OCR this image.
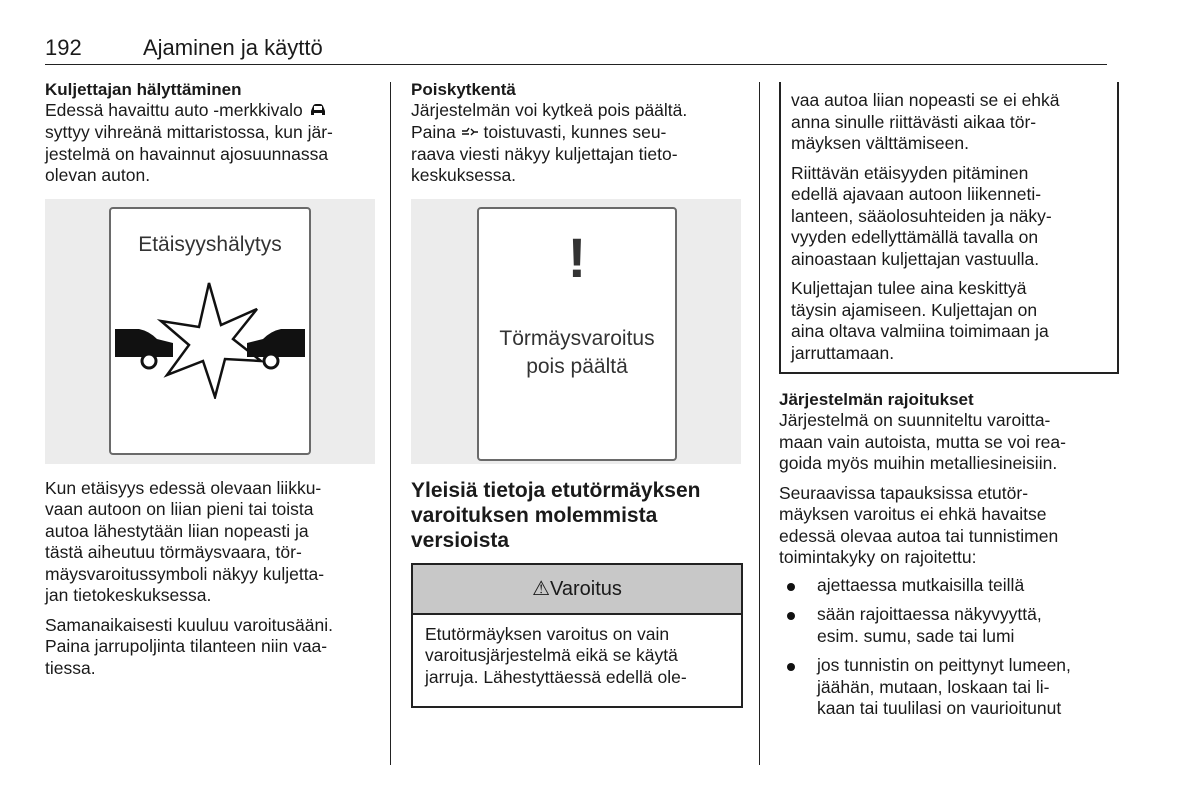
192	Ajaminen ja käyttö
Kuljettajan hälyttäminen

Edessä havaittu auto -merkkivalo
syttyy vihreänä mittaristossa, kun jär-
jestelmä on havainnut ajosuunnassa
olevan auton.

Etäisyyshälytys

Kun etäisyys edessä olevaan liikku-
vaan autoon on liian pieni tai toista
autoa lähestytään liian nopeasti ja
tästä aiheutuu törmäysvaara, tör-
mäysvaroitussymboli näkyy kuljetta-
jan tietokeskuksessa.

Samanaikaisesti kuuluu varoitusääni.
Paina jarrupoljinta tilanteen niin vaa-
tiessa.

Poiskytkentä

Järjestelmän voi kytkeä pois päältä.
Paina toistuvasti, kunnes seu-
raava viesti näkyy kuljettajan tieto-
keskuksessa.

!
Törmäysvaroitus
pois päältä
Yleisiä tietoja etutörmäyksen
varoituksen molemmista
versioista
⚠Varoitus

Etutörmäyksen varoitus on vain
varoitusjärjestelmä eikä se käytä
jarruja. Lähestyttäessä edellä ole-

vaa autoa liian nopeasti se ei ehkä
anna sinulle riittävästi aikaa tör-
mäyksen välttämiseen.

Riittävän etäisyyden pitäminen
edellä ajavaan autoon liikenneti-
lanteen, sääolosuhteiden ja näky-
vyyden edellyttämällä tavalla on
ainoastaan kuljettajan vastuulla.

Kuljettajan tulee aina keskittyä
täysin ajamiseen. Kuljettajan on
aina oltava valmiina toimimaan ja
jarruttamaan.

Järjestelmän rajoitukset

Järjestelmä on suunniteltu varoitta-
maan vain autoista, mutta se voi rea-
goida myös muihin metalliesineisiin.

Seuraavissa tapauksissa etutör-
mäyksen varoitus ei ehkä havaitse
edessä olevaa autoa tai tunnistimen
toimintakyky on rajoitettu:

ajettaessa mutkaisilla teillä
sään rajoittaessa näkyvyyttä,
esim. sumu, sade tai lumi
jos tunnistin on peittynyt lumeen,
jäähän, mutaan, loskaan tai li-
kaan tai tuulilasi on vaurioitunut
